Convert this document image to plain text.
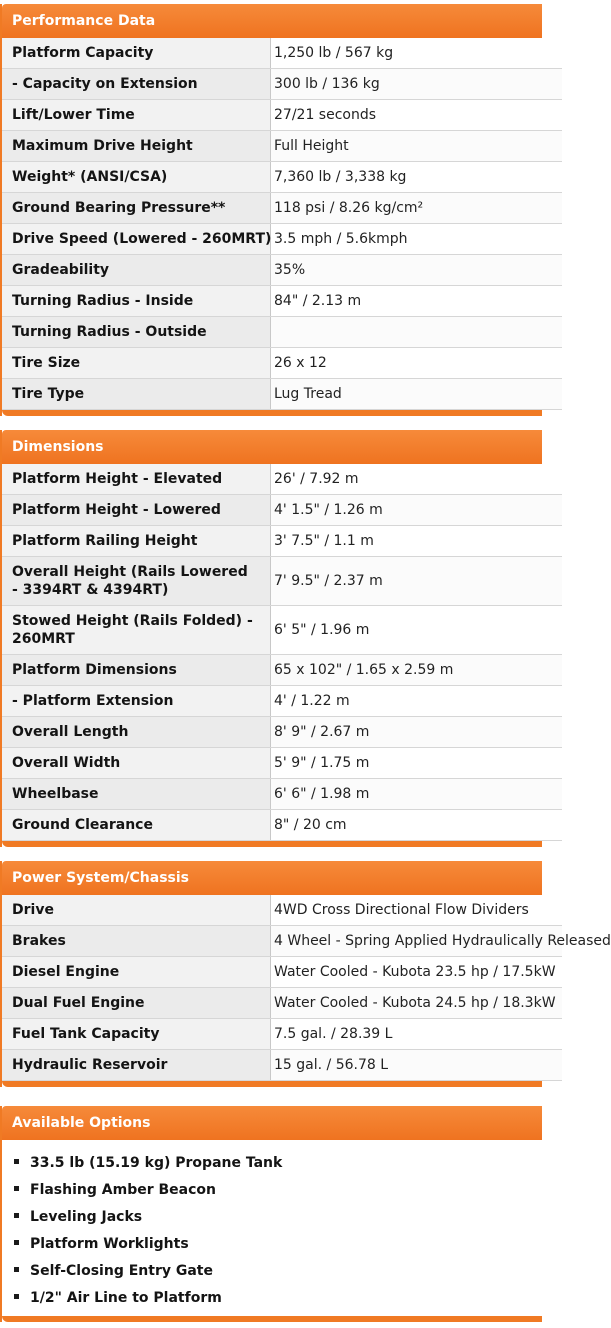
Performance Data
Platform Capacity	1,250 lb / 567 kg
- Capacity on Extension	300 lb / 136 kg
Lift/Lower Time	27/21 seconds
Maximum Drive Height	Full Height
Weight* (ANSI/CSA)	7,360 lb / 3,338 kg
Ground Bearing Pressure**	118 psi / 8.26 kg/cm²
Drive Speed (Lowered - 260MRT)	3.5 mph / 5.6kmph
Gradeability	35%
Turning Radius - Inside	84" / 2.13 m
Turning Radius - Outside	
Tire Size	26 x 12
Tire Type	Lug Tread
Dimensions
Platform Height - Elevated	26' / 7.92 m
Platform Height - Lowered	4' 1.5" / 1.26 m
Platform Railing Height	3' 7.5" / 1.1 m
Overall Height (Rails Lowered - 3394RT & 4394RT)	7' 9.5" / 2.37 m
Stowed Height (Rails Folded) - 260MRT	6' 5" / 1.96 m
Platform Dimensions	65 x 102" / 1.65 x 2.59 m
- Platform Extension	4' / 1.22 m
Overall Length	8' 9" / 2.67 m
Overall Width	5' 9" / 1.75 m
Wheelbase	6' 6" / 1.98 m
Ground Clearance	8" / 20 cm
Power System/Chassis
Drive	4WD Cross Directional Flow Dividers
Brakes	4 Wheel - Spring Applied Hydraulically Released
Diesel Engine	Water Cooled - Kubota 23.5 hp / 17.5kW
Dual Fuel Engine	Water Cooled - Kubota 24.5 hp / 18.3kW
Fuel Tank Capacity	7.5 gal. / 28.39 L
Hydraulic Reservoir	15 gal. / 56.78 L
Available Options
33.5 lb (15.19 kg) Propane Tank
Flashing Amber Beacon
Leveling Jacks
Platform Worklights
Self-Closing Entry Gate
1/2" Air Line to Platform
